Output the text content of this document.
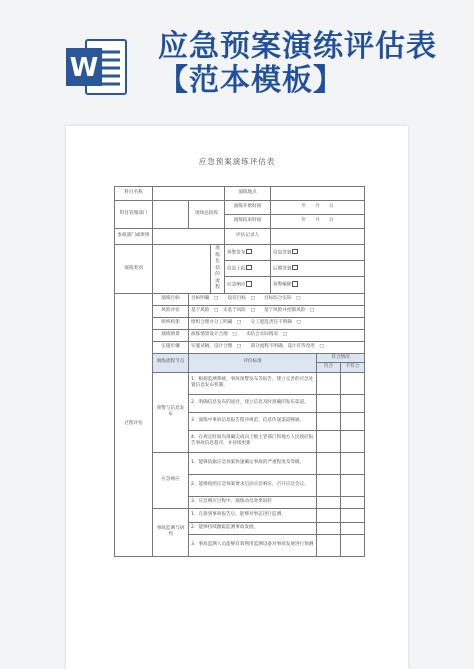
W
应急预案演练评估表【范本模板】
应急预案演练评估表
科目名称				演练地点			
科目管理部门		现场总指挥		演练开始时间	年　　月　　日		
				演练结束时间	年　　月　　日		
参演部门或班组				评估记录人			
演练类别			演练包括的流程	预警发布	信息处置		
				信息上报	后期处置		
				应急响应	预警解除		
过程评估	演练目标	目标明确　□　　没有目标　□　　目标综合实际　□					
	风险评估	基于风险　□　未基于风险　□　　基于风险并控制风险　□					
	组织构架	组织合理并分工明确　□　　分工混乱责任不明确　□					
	演练情景	演练情景设计合理　□　　未结合实际情况　□					
	实施步骤	实施试稿，设计合理　□　　部分流程不明确，设计有待改进　□					
	演练流程节点	评价标准				符合情况	
						符合	不符合
	预警与信息发布	1．根据监测系统，事故预警发布等报告，建立完善的应急处置信息发布机制。					
		2．明确信息发布的途径，建立信息及时准确的发布渠道。					
		3．演练中事故信息报告程序规范，信息传递渠道畅通。					
		4．在规定时间内准确完成向上级主管部门和地方人民政府报告事故信息程序，并持续更新					
	应急响应	1．能够依据应急预案快速确定事故的严重程度及等级。					
		2．能够按照应急预案要求启动应急响应，召开应急会议。					
		3．应急响应过程中，演练动员效果较好					
	事故监测与研判	1．在接到事故报告后，能够对事态进行监测。					
		2．能够持续跟踪监测事故发展。					
		3．事故监测人员能够有效利用监测设备对事故发展进行预测					
